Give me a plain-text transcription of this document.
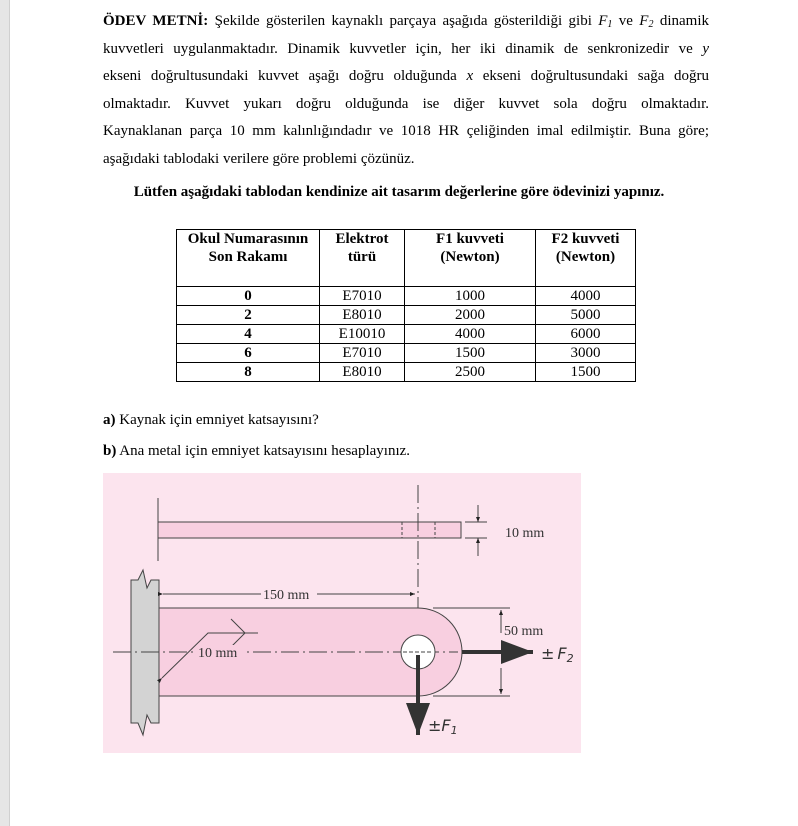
ÖDEV METNİ: Şekilde gösterilen kaynaklı parçaya aşağıda gösterildiği gibi $F_1$ ve $F_2$ dinamik
kuvvetleri uygulanmaktadır. Dinamik kuvvetler için, her iki dinamik de senkronizedir ve y
ekseni doğrultusundaki kuvvet aşağı doğru olduğunda x ekseni doğrultusundaki sağa doğru
olmaktadır. Kuvvet yukarı doğru olduğunda ise diğer kuvvet sola doğru olmaktadır.
Kaynaklanan parça 10 mm kalınlığındadır ve 1018 HR çeliğinden imal edilmiştir. Buna göre;
aşağıdaki tablodaki verilere göre problemi çözünüz.
Lütfen aşağıdaki tablodan kendinize ait tasarım değerlerine göre ödevinizi yapınız.
Okul Numarasının Son Rakamı	Elektrot türü	F1 kuvveti (Newton)	F2 kuvveti (Newton)
0	E7010	1000	4000
2	E8010	2000	5000
4	E10010	4000	6000
6	E7010	1500	3000
8	E8010	2500	1500
a) Kaynak için emniyet katsayısını?
b) Ana metal için emniyet katsayısını hesaplayınız.
10 mm
150 mm
10 mm
50 mm
± F2
±F1
